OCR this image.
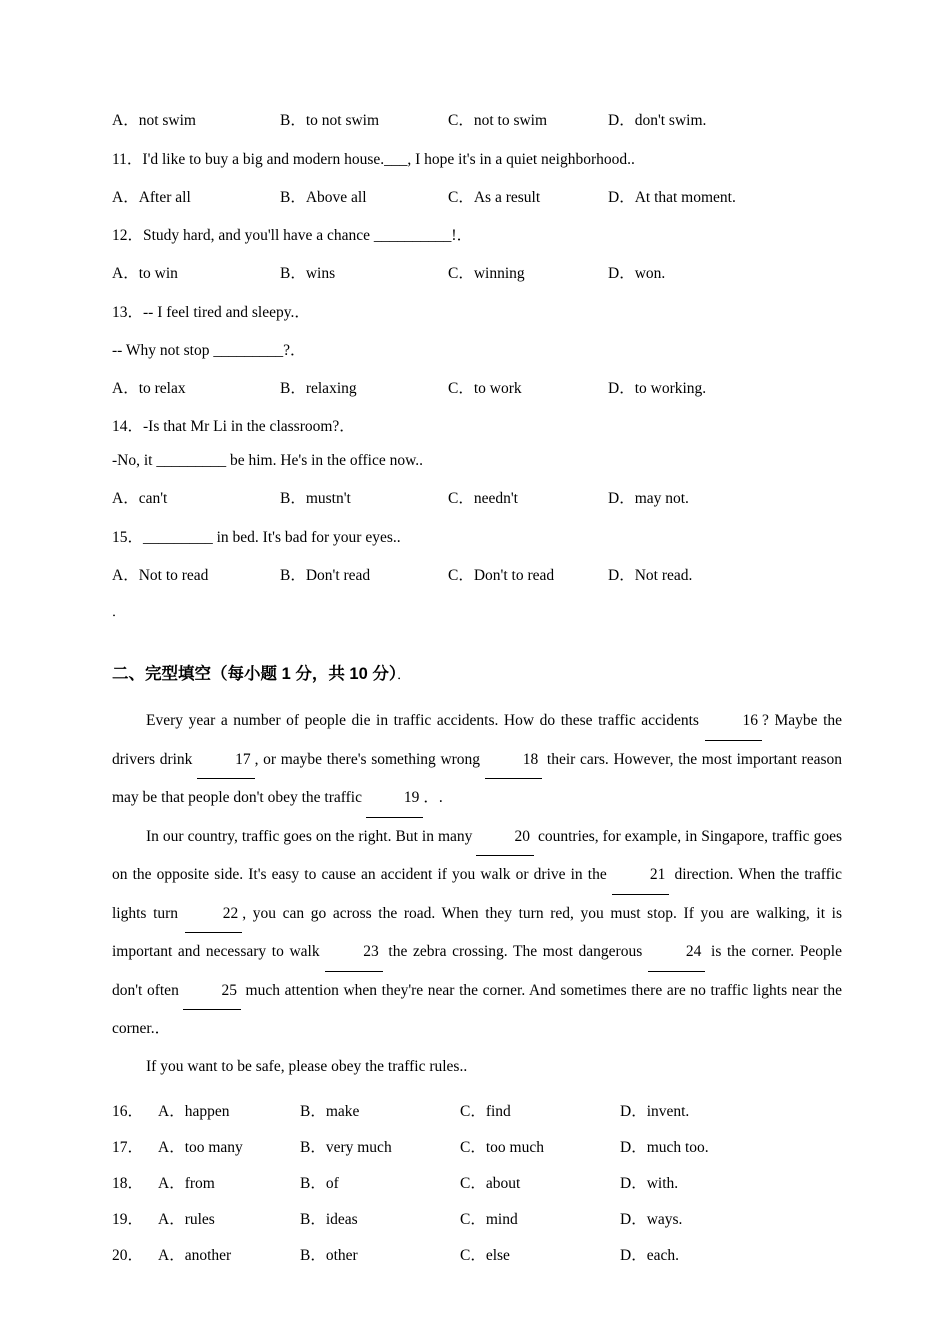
A．not swim	B．to not swim	C．not to swim	D．don't swim.
11．I'd like to buy a big and modern house.___, I hope it's in a quiet neighborhood..
A．After all	B．Above all	C．As a result	D．At that moment.
12．Study hard, and you'll have a chance __________!．
A．to win	B．wins	C．winning	D．won.
13．-- I feel tired and sleepy.．
-- Why not stop _________?．
A．to relax	B．relaxing	C．to work	D．to working.
14．-Is that Mr Li in the classroom?．
-No, it _________ be him. He's in the office now..
A．can't	B．mustn't	C．needn't	D．may not.
15．_________ in bed. It's bad for your eyes..
A．Not to read	B．Don't read	C．Don't to read	D．Not read.
．
二、完型填空（每小题 1 分，共 10 分）．

Every year a number of people die in traffic accidents. How do these traffic accidents 16 ? Maybe the drivers drink 17 , or maybe there's something wrong 18 their cars. However, the most important reason may be that people don't obey the traffic 19 ．.

In our country, traffic goes on the right. But in many 20 countries, for example, in Singapore, traffic goes on the opposite side. It's easy to cause an accident if you walk or drive in the 21 direction. When the traffic lights turn 22 , you can go across the road. When they turn red, you must stop. If you are walking, it is important and necessary to walk 23 the zebra crossing. The most dangerous 24 is the corner. People don't often 25 much attention when they're near the corner. And sometimes there are no traffic lights near the corner.．

If you want to be safe, please obey the traffic rules..

16． A．happen	B．make	C．find	D．invent.
17． A．too many	B．very much	C．too much	D．much too.
18． A．from	B．of	C．about	D．with.
19． A．rules	B．ideas	C．mind	D．ways.
20． A．another	B．other	C．else	D．each.
